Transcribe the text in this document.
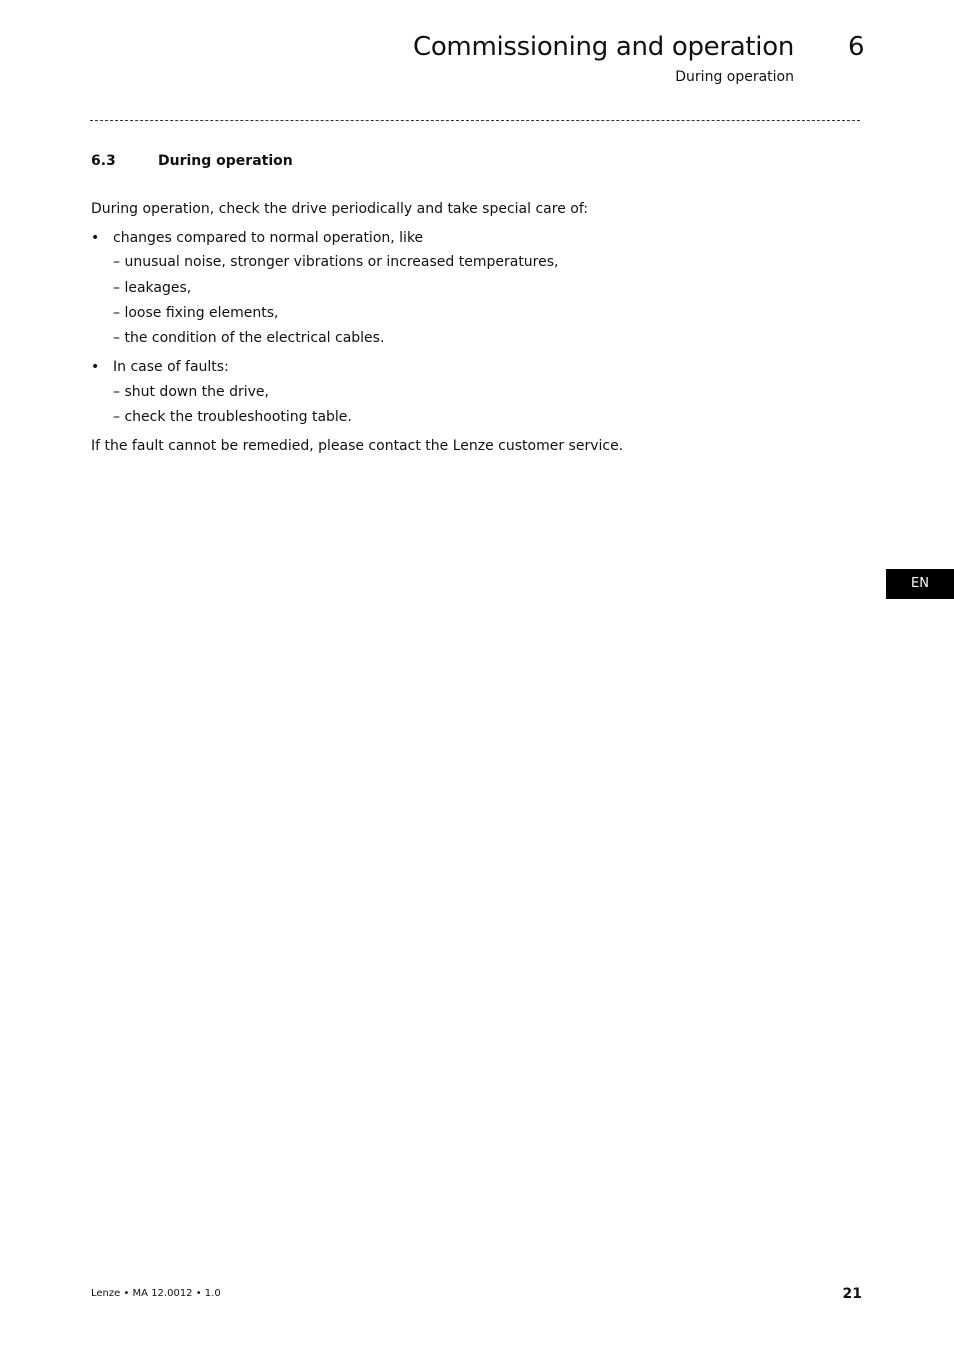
Commissioning and operation 6
During operation
6.3	During operation
During operation, check the drive periodically and take special care of:
• changes compared to normal operation, like
– unusual noise, stronger vibrations or increased temperatures,
– leakages,
– loose fixing elements,
– the condition of the electrical cables.
• In case of faults:
– shut down the drive,
– check the troubleshooting table.
If the fault cannot be remedied, please contact the Lenze customer service.
EN
Lenze • MA 12.0012 • 1.0	21
